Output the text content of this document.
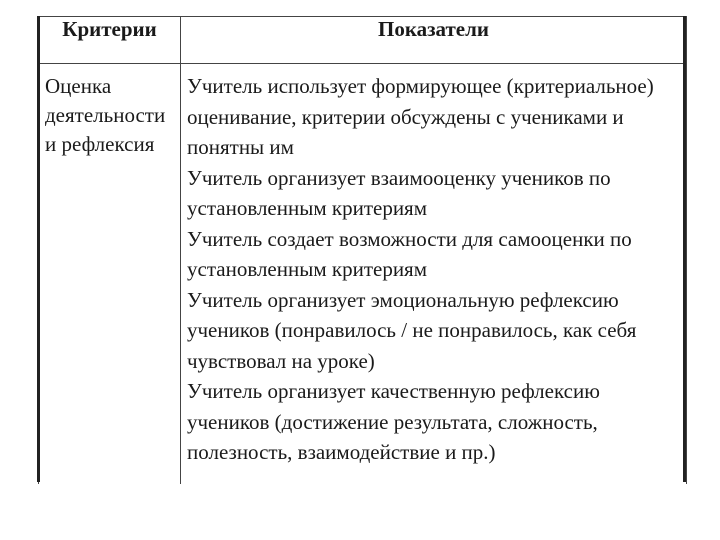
Критерии	Показатели
Оценка деятельности и рефлексия	Учитель использует формирующее (критериальное) оценивание, критерии обсуждены с учениками и понятны им
Учитель организует взаимооценку учеников по установленным критериям
Учитель создает возможности для самооценки по установленным критериям
Учитель организует эмоциональную рефлексию учеников (понравилось / не понравилось, как себя чувствовал на уроке)
Учитель организует качественную рефлексию учеников (достижение результата, сложность, полезность, взаимодействие и пр.)
